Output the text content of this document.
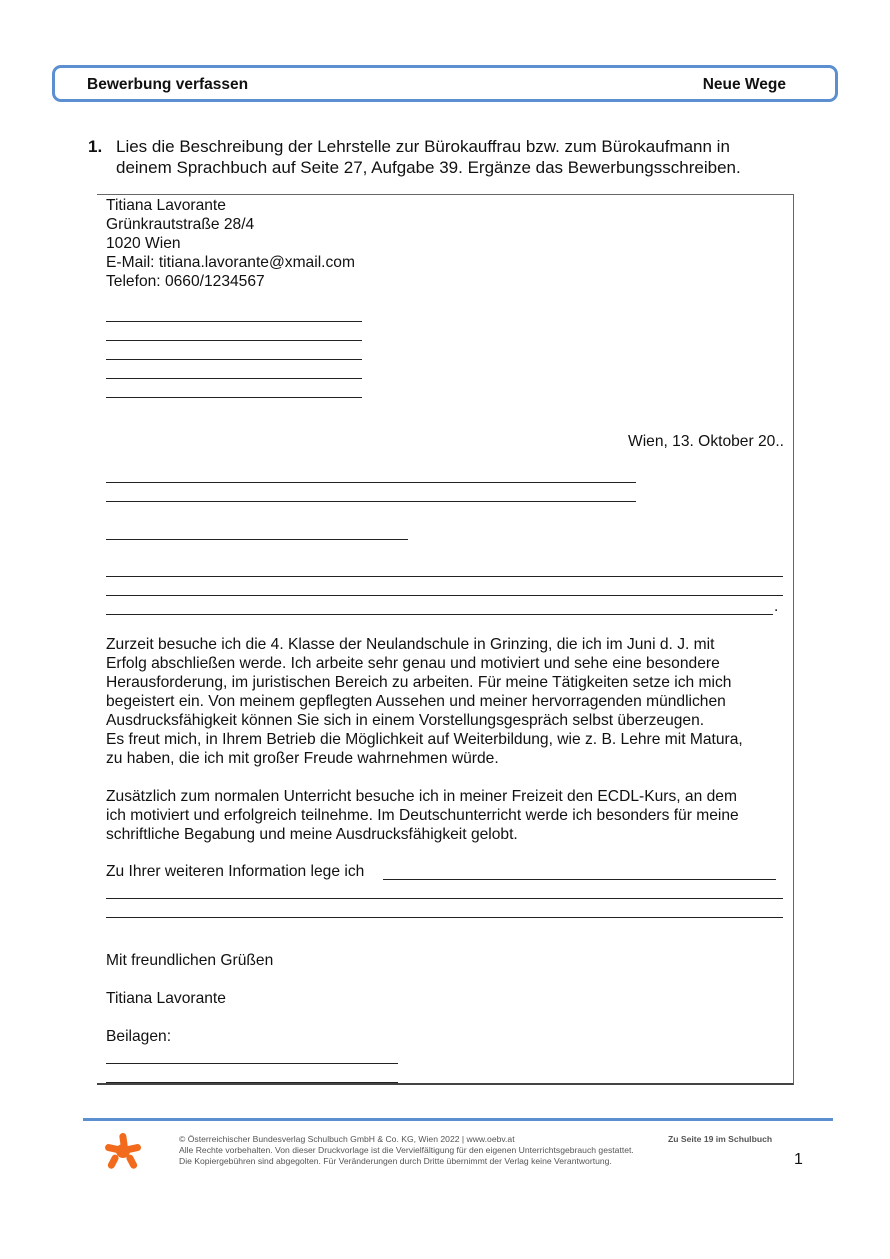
Bewerbung verfassen	Neue Wege
1. Lies die Beschreibung der Lehrstelle zur Bürokauffrau bzw. zum Bürokaufmann in
deinem Sprachbuch auf Seite 27, Aufgabe 39. Ergänze das Bewerbungsschreiben.
Titiana Lavorante
Grünkrautstraße 28/4
1020 Wien
E-Mail: titiana.lavorante@xmail.com
Telefon: 0660/1234567
Wien, 13. Oktober 20..
.
Zurzeit besuche ich die 4. Klasse der Neulandschule in Grinzing, die ich im Juni d. J. mit
Erfolg abschließen werde. Ich arbeite sehr genau und motiviert und sehe eine besondere
Herausforderung, im juristischen Bereich zu arbeiten. Für meine Tätigkeiten setze ich mich
begeistert ein. Von meinem gepflegten Aussehen und meiner hervorragenden mündlichen
Ausdrucksfähigkeit können Sie sich in einem Vorstellungsgespräch selbst überzeugen.
Es freut mich, in Ihrem Betrieb die Möglichkeit auf Weiterbildung, wie z. B. Lehre mit Matura,
zu haben, die ich mit großer Freude wahrnehmen würde.
Zusätzlich zum normalen Unterricht besuche ich in meiner Freizeit den ECDL-Kurs, an dem
ich motiviert und erfolgreich teilnehme. Im Deutschunterricht werde ich besonders für meine
schriftliche Begabung und meine Ausdrucksfähigkeit gelobt.
Zu Ihrer weiteren Information lege ich
Mit freundlichen Grüßen
Titiana Lavorante
Beilagen:
© Österreichischer Bundesverlag Schulbuch GmbH & Co. KG, Wien 2022 | www.oebv.at
Alle Rechte vorbehalten. Von dieser Druckvorlage ist die Vervielfältigung für den eigenen Unterrichtsgebrauch gestattet.
Die Kopiergebühren sind abgegolten. Für Veränderungen durch Dritte übernimmt der Verlag keine Verantwortung.
Zu Seite 19 im Schulbuch
1
